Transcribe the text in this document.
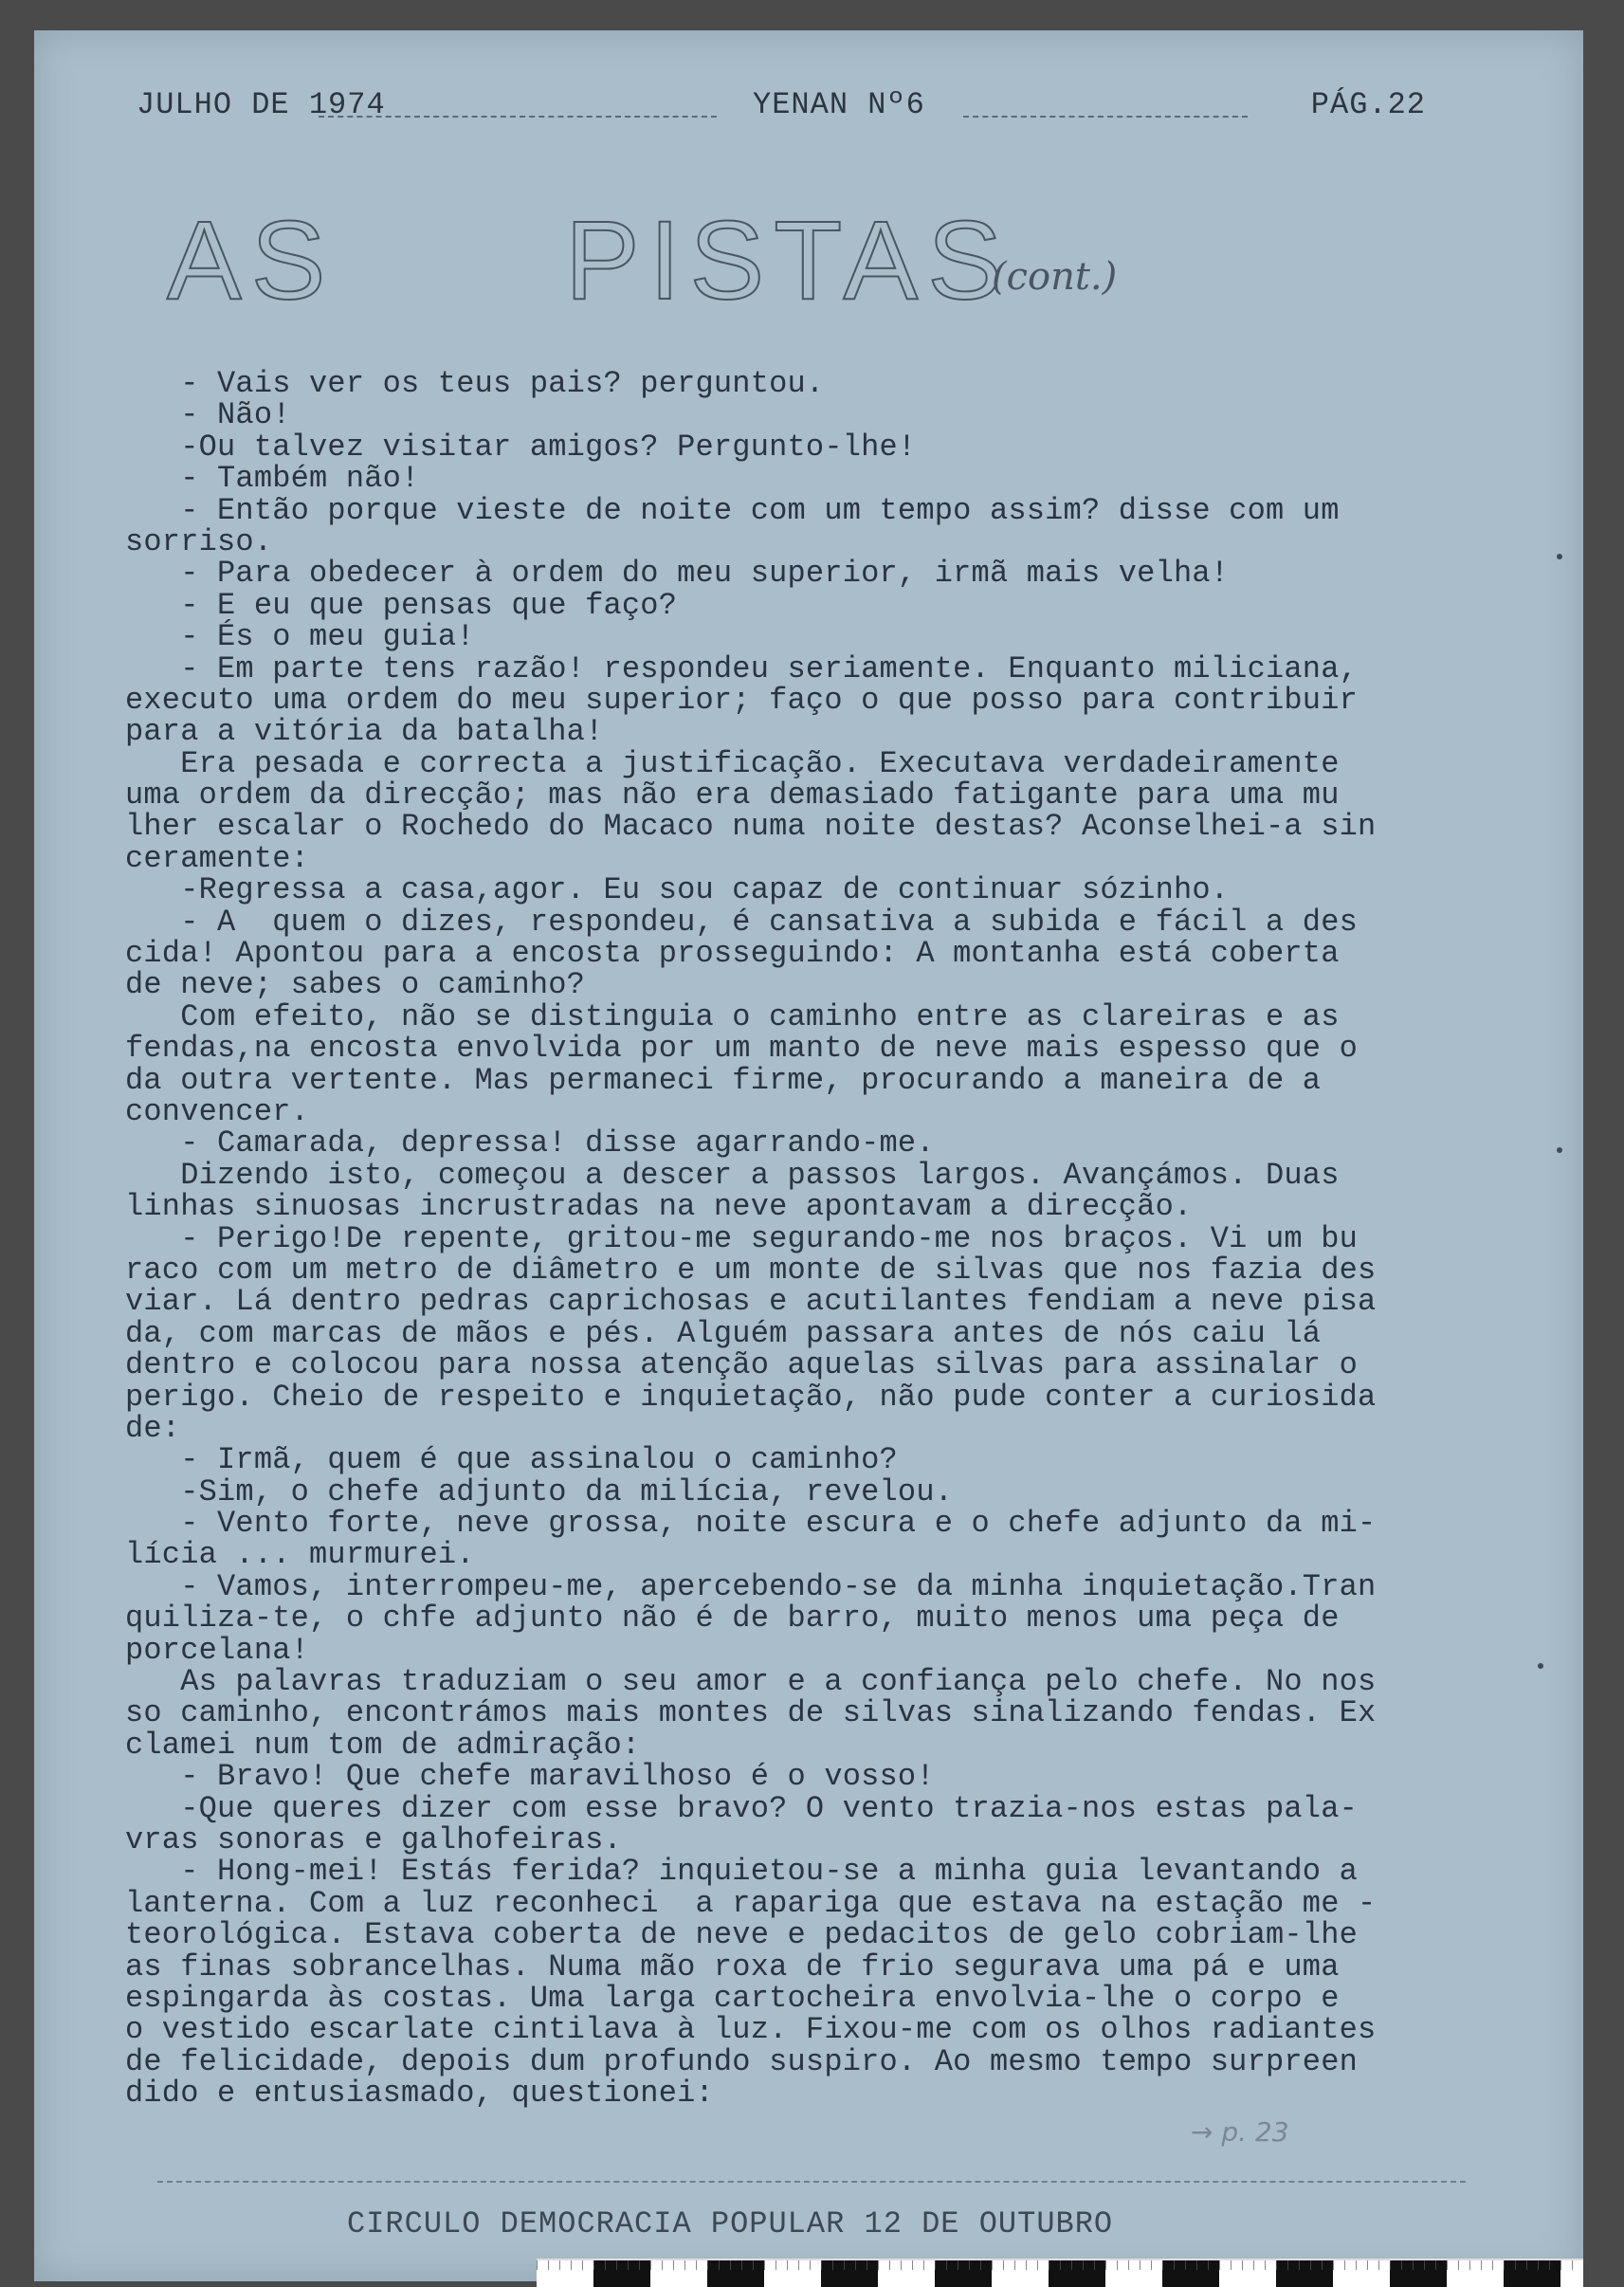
JULHO DE 1974	YENAN Nº6	PÁG.22
AS PISTAS
(cont.)
- Vais ver os teus pais? perguntou.
- Não!
-Ou talvez visitar amigos? Pergunto-lhe!
- Também não!
- Então porque vieste de noite com um tempo assim? disse com um
sorriso.
- Para obedecer à ordem do meu superior, irmã mais velha!
- E eu que pensas que faço?
- És o meu guia!
- Em parte tens razão! respondeu seriamente. Enquanto miliciana,
executo uma ordem do meu superior; faço o que posso para contribuir
para a vitória da batalha!
Era pesada e correcta a justificação. Executava verdadeiramente
uma ordem da direcção; mas não era demasiado fatigante para uma mu
lher escalar o Rochedo do Macaco numa noite destas? Aconselhei-a sin
ceramente:
-Regressa a casa,agor. Eu sou capaz de continuar sózinho.
- A  quem o dizes, respondeu, é cansativa a subida e fácil a des
cida! Apontou para a encosta prosseguindo: A montanha está coberta
de neve; sabes o caminho?
Com efeito, não se distinguia o caminho entre as clareiras e as
fendas,na encosta envolvida por um manto de neve mais espesso que o
da outra vertente. Mas permaneci firme, procurando a maneira de a
convencer.
- Camarada, depressa! disse agarrando-me.
Dizendo isto, começou a descer a passos largos. Avançámos. Duas
linhas sinuosas incrustradas na neve apontavam a direcção.
- Perigo!De repente, gritou-me segurando-me nos braços. Vi um bu
raco com um metro de diâmetro e um monte de silvas que nos fazia des
viar. Lá dentro pedras caprichosas e acutilantes fendiam a neve pisa
da, com marcas de mãos e pés. Alguém passara antes de nós caiu lá
dentro e colocou para nossa atenção aquelas silvas para assinalar o
perigo. Cheio de respeito e inquietação, não pude conter a curiosida
de:
- Irmã, quem é que assinalou o caminho?
-Sim, o chefe adjunto da milícia, revelou.
- Vento forte, neve grossa, noite escura e o chefe adjunto da mi-
lícia ... murmurei.
- Vamos, interrompeu-me, apercebendo-se da minha inquietação.Tran
quiliza-te, o chfe adjunto não é de barro, muito menos uma peça de
porcelana!
As palavras traduziam o seu amor e a confiança pelo chefe. No nos
so caminho, encontrámos mais montes de silvas sinalizando fendas. Ex
clamei num tom de admiração:
- Bravo! Que chefe maravilhoso é o vosso!
-Que queres dizer com esse bravo? O vento trazia-nos estas pala-
vras sonoras e galhofeiras.
- Hong-mei! Estás ferida? inquietou-se a minha guia levantando a
lanterna. Com a luz reconheci  a rapariga que estava na estação me -
teorológica. Estava coberta de neve e pedacitos de gelo cobriam-lhe
as finas sobrancelhas. Numa mão roxa de frio segurava uma pá e uma
espingarda às costas. Uma larga cartocheira envolvia-lhe o corpo e
o vestido escarlate cintilava à luz. Fixou-me com os olhos radiantes
de felicidade, depois dum profundo suspiro. Ao mesmo tempo surpreen
dido e entusiasmado, questionei:
→ p. 23
CIRCULO DEMOCRACIA POPULAR 12 DE OUTUBRO
